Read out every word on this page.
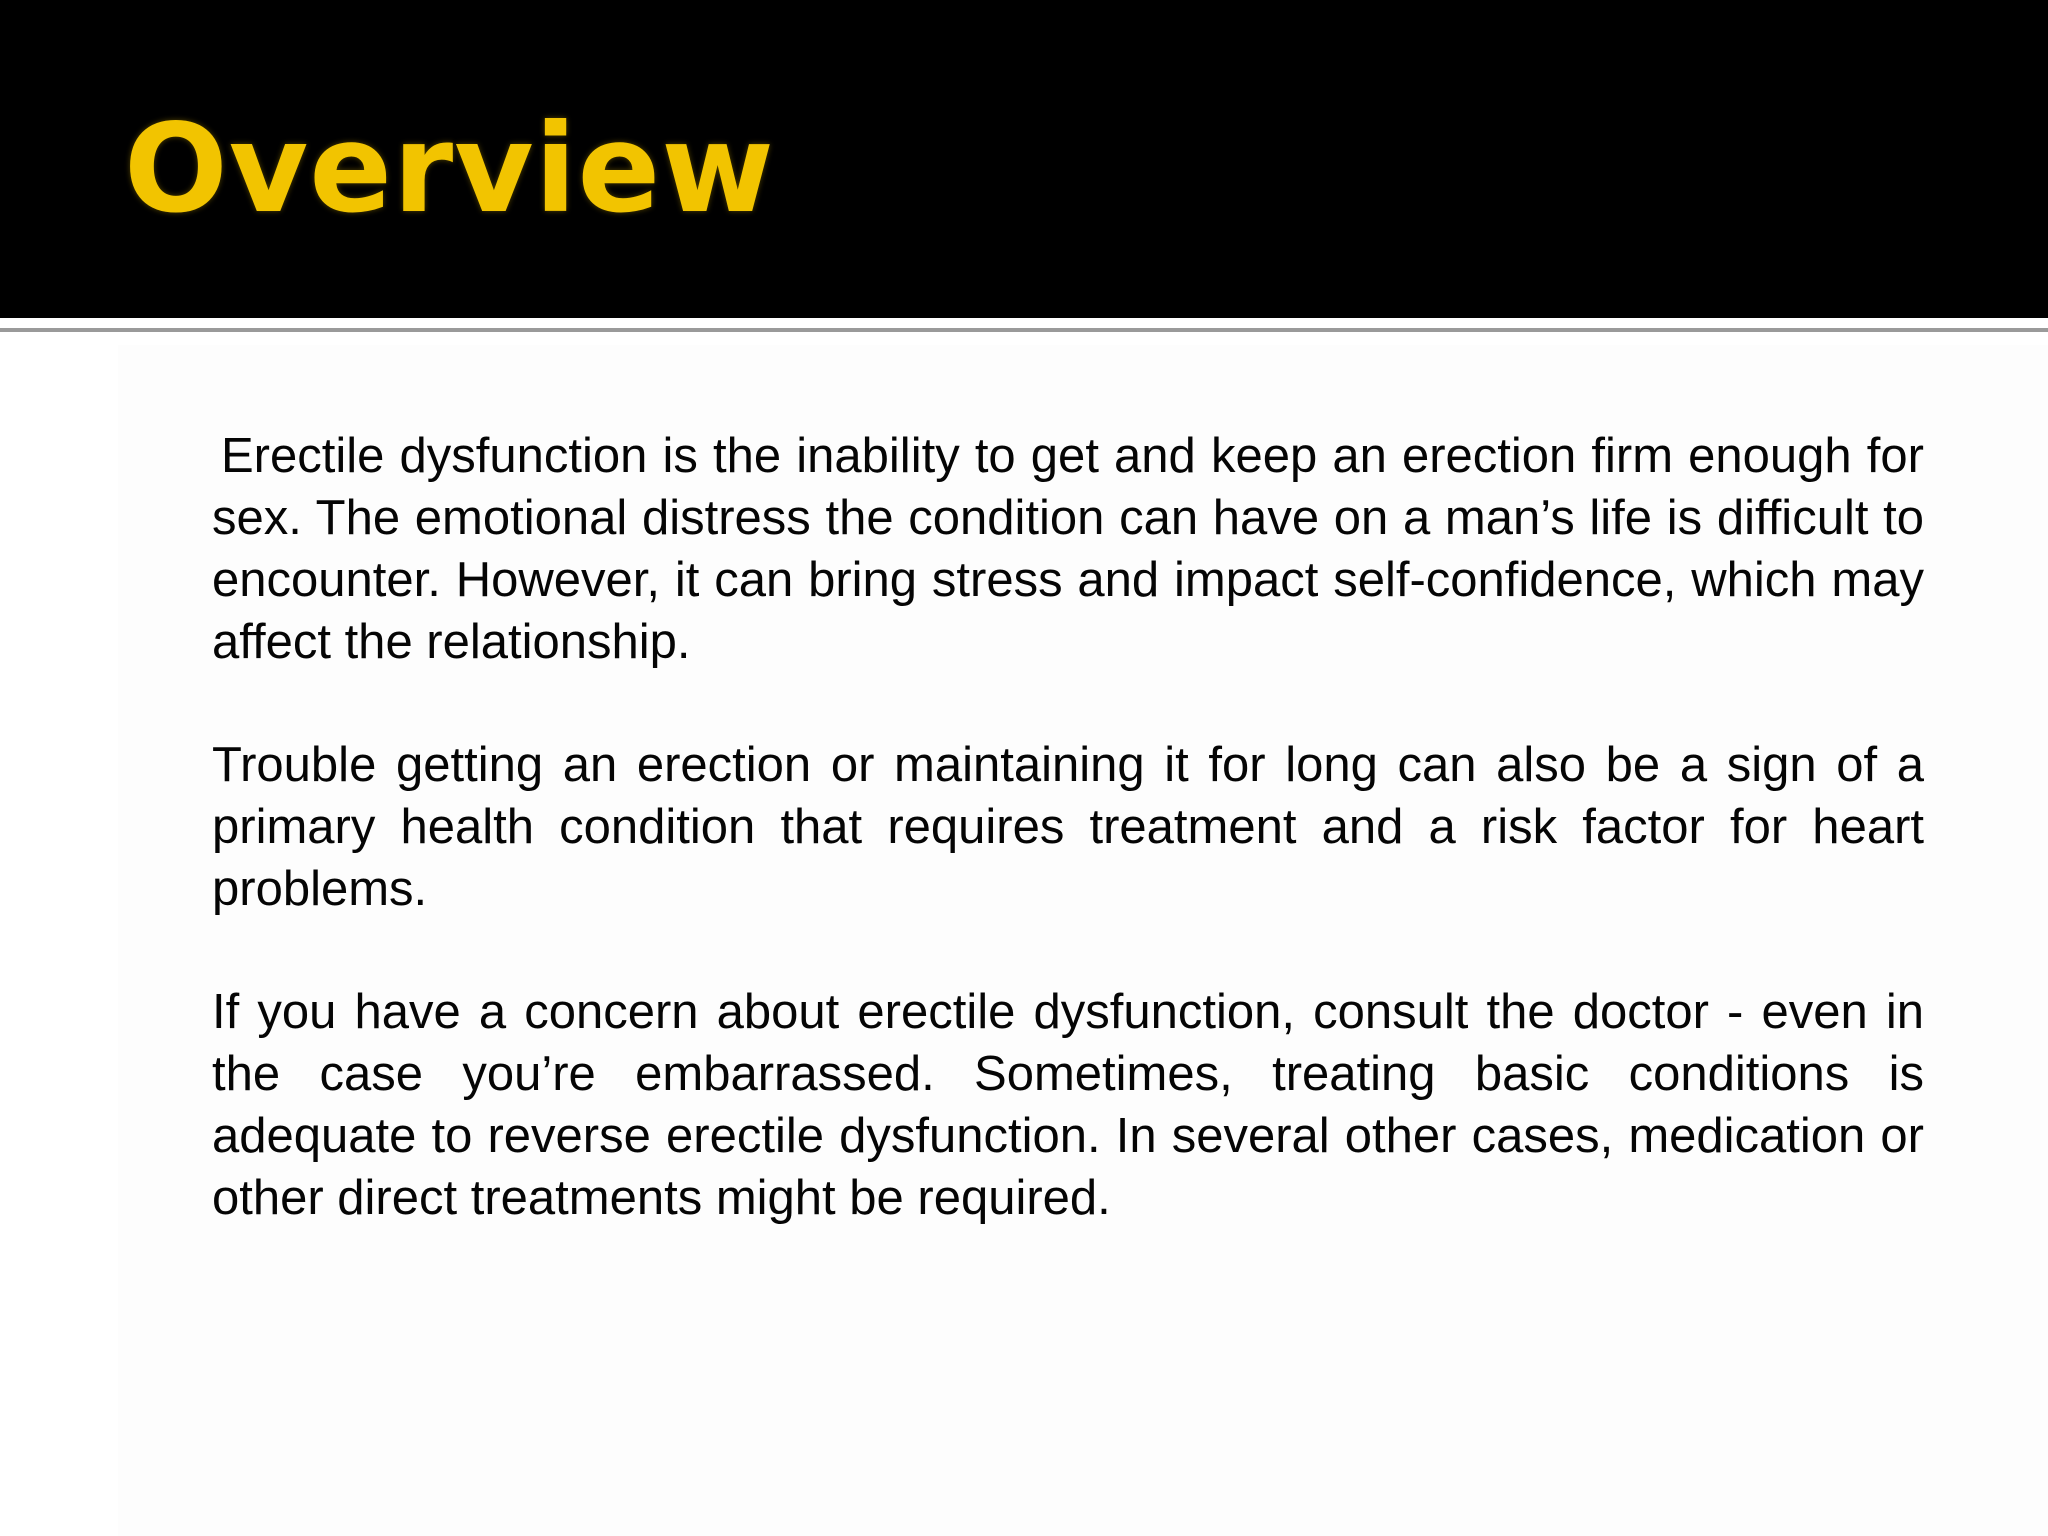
Overview

Erectile dysfunction is the inability to get and keep an erection firm enough for sex. The emotional distress the condition can have on a man’s life is difficult to encounter. However, it can bring stress and impact self-confidence, which may affect the relationship.

Trouble getting an erection or maintaining it for long can also be a sign of a primary health condition that requires treatment and a risk factor for heart problems.

If you have a concern about erectile dysfunction, consult the doctor - even in the case you’re embarrassed. Sometimes, treating basic conditions is adequate to reverse erectile dysfunction. In several other cases, medication or other direct treatments might be required.
